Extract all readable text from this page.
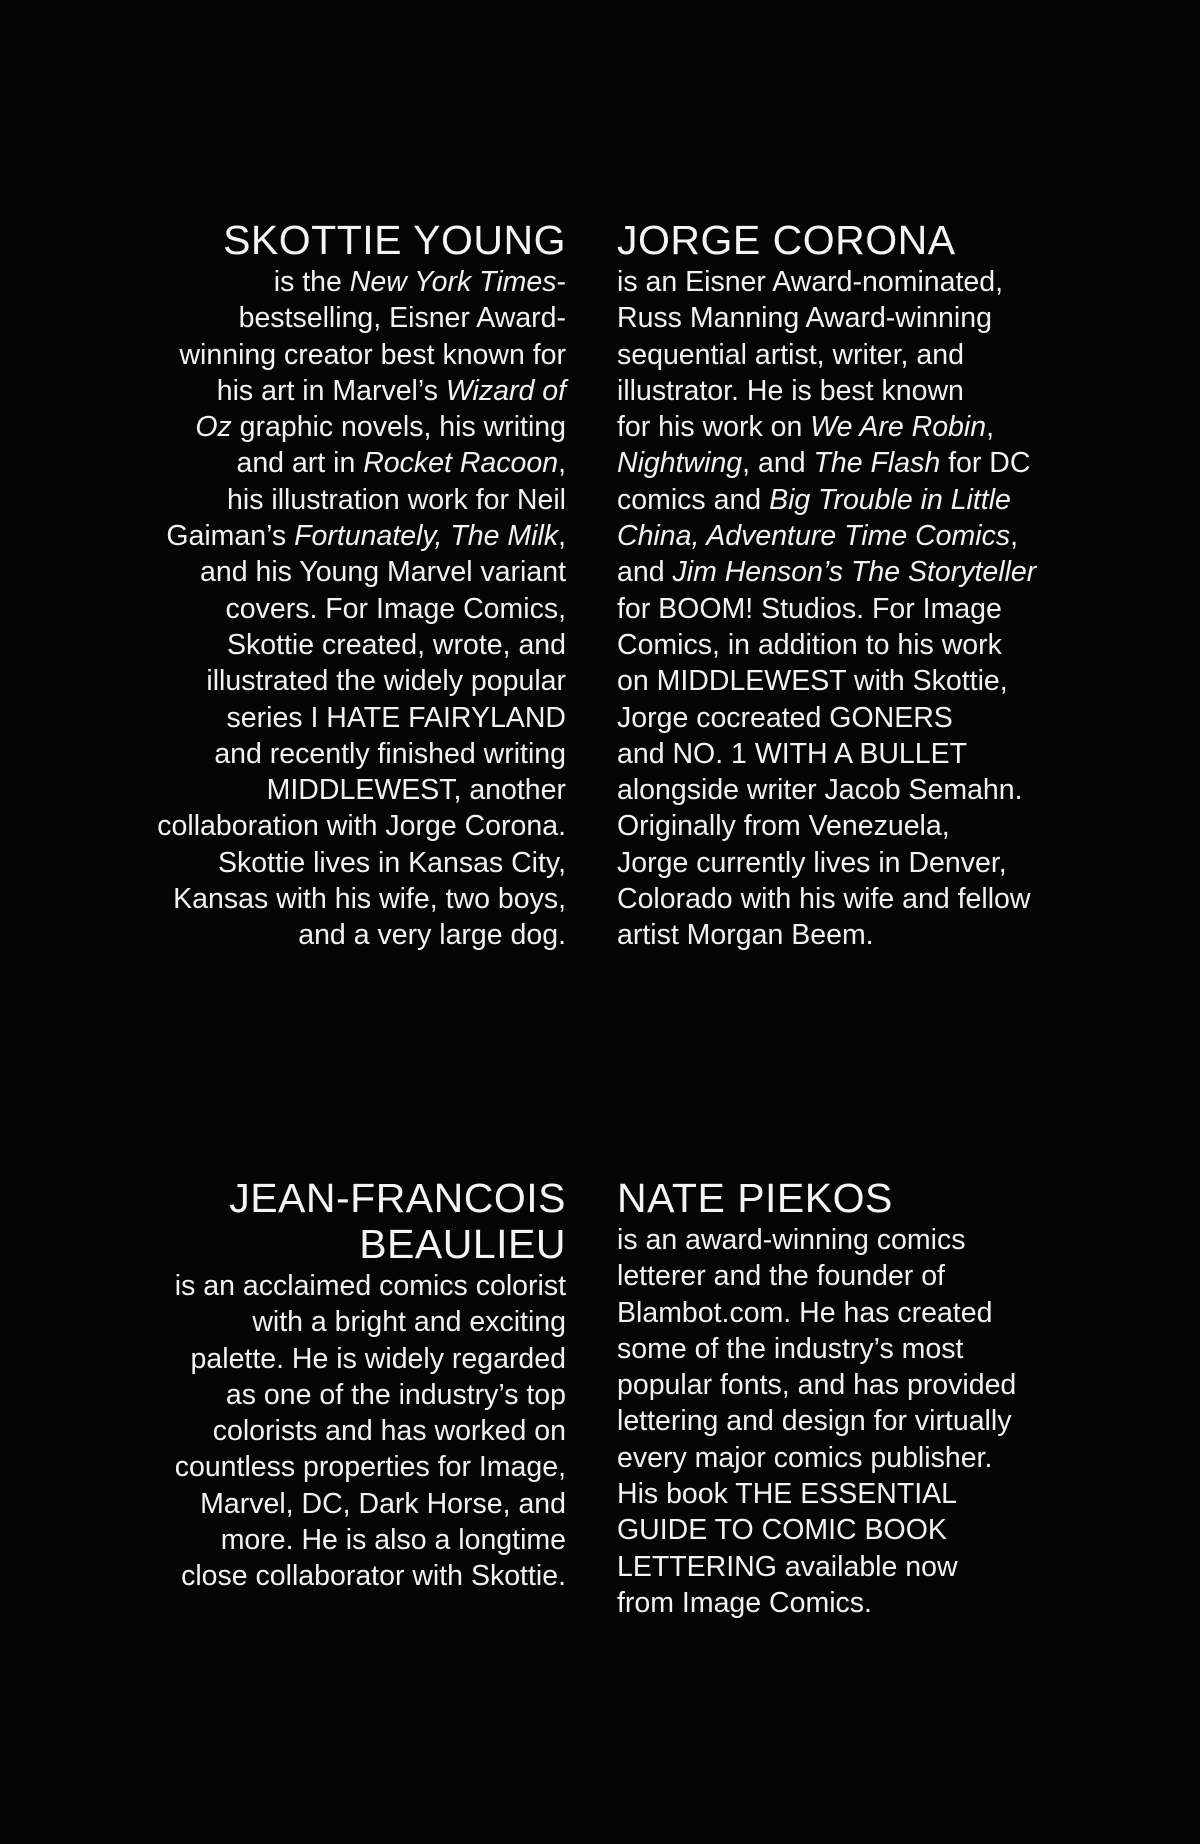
SKOTTIE YOUNG
is the New York Times-
bestselling, Eisner Award-
winning creator best known for
his art in Marvel’s Wizard of
Oz graphic novels, his writing
and art in Rocket Racoon,
his illustration work for Neil
Gaiman’s Fortunately, The Milk,
and his Young Marvel variant
covers. For Image Comics,
Skottie created, wrote, and
illustrated the widely popular
series I HATE FAIRYLAND
and recently finished writing
MIDDLEWEST, another
collaboration with Jorge Corona.
Skottie lives in Kansas City,
Kansas with his wife, two boys,
and a very large dog.
JORGE CORONA
is an Eisner Award-nominated,
Russ Manning Award-winning
sequential artist, writer, and
illustrator. He is best known
for his work on We Are Robin,
Nightwing, and The Flash for DC
comics and Big Trouble in Little
China, Adventure Time Comics,
and Jim Henson’s The Storyteller
for BOOM! Studios. For Image
Comics, in addition to his work
on MIDDLEWEST with Skottie,
Jorge cocreated GONERS
and NO. 1 WITH A BULLET
alongside writer Jacob Semahn.
Originally from Venezuela,
Jorge currently lives in Denver,
Colorado with his wife and fellow
artist Morgan Beem.
JEAN-FRANCOIS
BEAULIEU
is an acclaimed comics colorist
with a bright and exciting
palette. He is widely regarded
as one of the industry’s top
colorists and has worked on
countless properties for Image,
Marvel, DC, Dark Horse, and
more. He is also a longtime
close collaborator with Skottie.
NATE PIEKOS
is an award-winning comics
letterer and the founder of
Blambot.com. He has created
some of the industry’s most
popular fonts, and has provided
lettering and design for virtually
every major comics publisher.
His book THE ESSENTIAL
GUIDE TO COMIC BOOK
LETTERING available now
from Image Comics.
